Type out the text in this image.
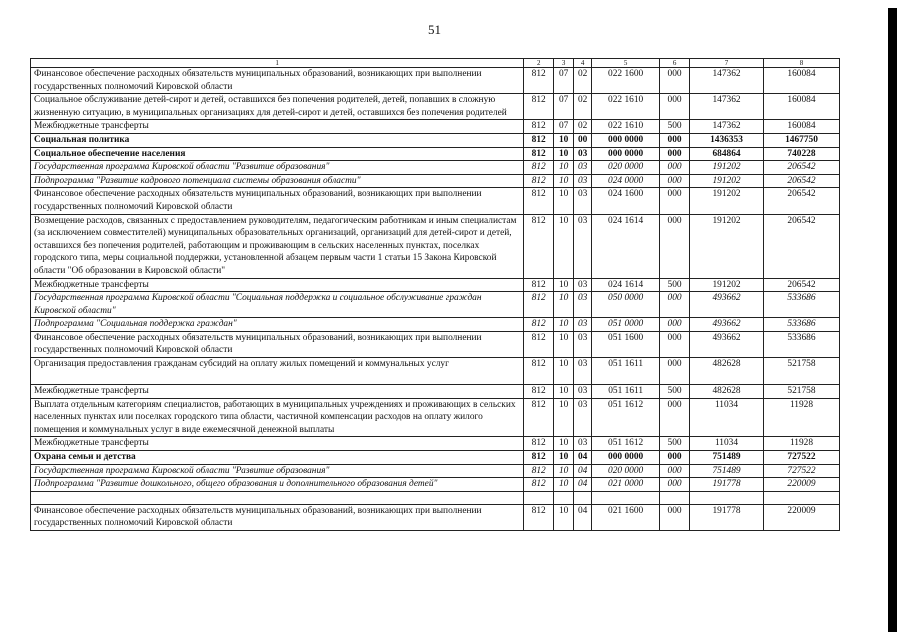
51
1	2	3	4	5	6	7	8
Финансовое обеспечение расходных обязательств муниципальных образований, возникающих при выполнении государственных полномочий Кировской области	812	07	02	022 1600	000	147362	160084
Социальное обслуживание детей-сирот и детей, оставшихся без попечения родителей, детей, попавших в сложную жизненную ситуацию, в муниципальных организациях для детей-сирот и детей, оставшихся без попечения родителей	812	07	02	022 1610	000	147362	160084
Межбюджетные трансферты	812	07	02	022 1610	500	147362	160084
Социальная политика	812	10	00	000 0000	000	1436353	1467750
Социальное обеспечение населения	812	10	03	000 0000	000	684864	740228
Государственная программа Кировской области "Развитие образования"	812	10	03	020 0000	000	191202	206542
Подпрограмма "Развитие кадрового потенциала системы образования области"	812	10	03	024 0000	000	191202	206542
Финансовое обеспечение расходных обязательств муниципальных образований, возникающих при выполнении государственных полномочий Кировской области	812	10	03	024 1600	000	191202	206542
Возмещение расходов, связанных с предоставлением руководителям, педагогическим работникам и иным специалистам (за исключением совместителей) муниципальных образовательных организаций, организаций для детей-сирот и детей, оставшихся без попечения родителей, работающим и проживающим в сельских населенных пунктах, поселках городского типа, меры социальной поддержки, установленной абзацем первым части 1 статьи 15 Закона Кировской области "Об образовании в Кировской области"	812	10	03	024 1614	000	191202	206542
Межбюджетные трансферты	812	10	03	024 1614	500	191202	206542
Государственная программа Кировской области "Социальная поддержка и социальное обслуживание граждан Кировской области"	812	10	03	050 0000	000	493662	533686
Подпрограмма "Социальная поддержка граждан"	812	10	03	051 0000	000	493662	533686
Финансовое обеспечение расходных обязательств муниципальных образований, возникающих при выполнении государственных полномочий Кировской области	812	10	03	051 1600	000	493662	533686
Организация предоставления гражданам субсидий на оплату жилых помещений и коммунальных услуг	812	10	03	051 1611	000	482628	521758
Межбюджетные трансферты	812	10	03	051 1611	500	482628	521758
Выплата отдельным категориям специалистов, работающих в муниципальных учреждениях и проживающих в сельских населенных пунктах или поселках городского типа области, частичной компенсации расходов на оплату жилого помещения и коммунальных услуг в виде ежемесячной денежной выплаты	812	10	03	051 1612	000	11034	11928
Межбюджетные трансферты	812	10	03	051 1612	500	11034	11928
Охрана семьи и детства	812	10	04	000 0000	000	751489	727522
Государственная программа Кировской области "Развитие образования"	812	10	04	020 0000	000	751489	727522
Подпрограмма "Развитие дошкольного, общего образования и дополнительного образования детей"	812	10	04	021 0000	000	191778	220009

Финансовое обеспечение расходных обязательств муниципальных образований, возникающих при выполнении государственных полномочий Кировской области	812	10	04	021 1600	000	191778	220009
